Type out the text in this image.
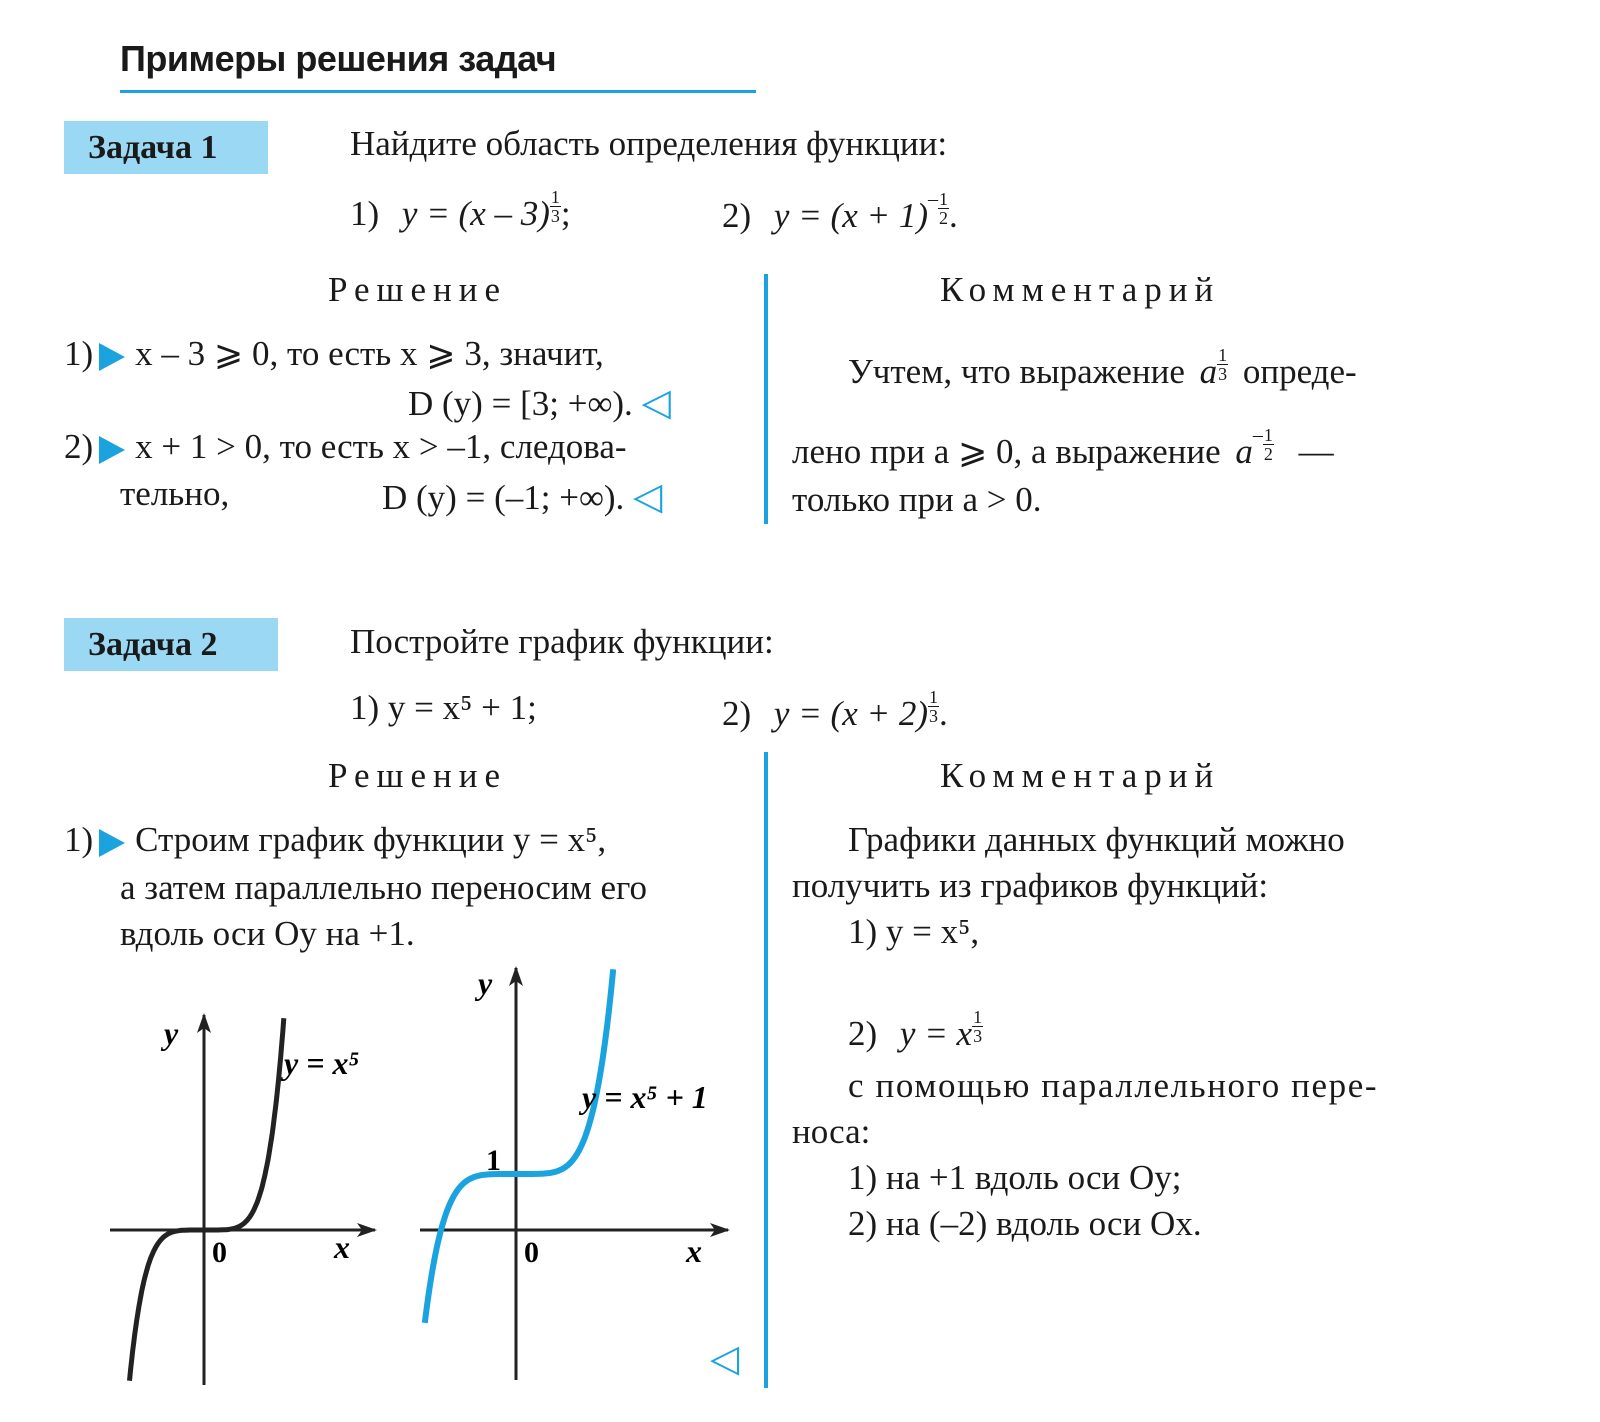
Примеры решения задач
Задача 1	Найдите область определения функции:
1) $y = (x - 3) \frac{1}{3}$ ;	2) $y = (x + 1)^- \frac{1}{2}$ .
Решение	Комментарий
1) x – 3 ⩾ 0, то есть x ⩾ 3, значит,
D (y) = [3; +∞). ◁
2) x + 1 > 0, то есть x > –1, следова-
тельно,	D (y) = (–1; +∞). ◁
Учтем, что выражение a $\frac{1}{3}$ опреде-
лено при a ⩾ 0, а выражение $a^- \frac{1}{2}$ —
только при a > 0.
Задача 2	Постройте график функции:
1) y = x⁵ + 1;	2) $y = (x + 2) \frac{1}{3}$ .
Решение	Комментарий
1) Строим график функции y = x⁵,
а затем параллельно переносим его
вдоль оси Oy на +1.
y
x
0
y = x⁵
y
x
0
1
y = x⁵ + 1
◁
Графики данных функций можно
получить из графиков функций:
1) y = x⁵,
2) y = x $\frac{1}{3}$
с помощью параллельного пере-
носа:
1) на +1 вдоль оси Oy;
2) на (–2) вдоль оси Ox.
